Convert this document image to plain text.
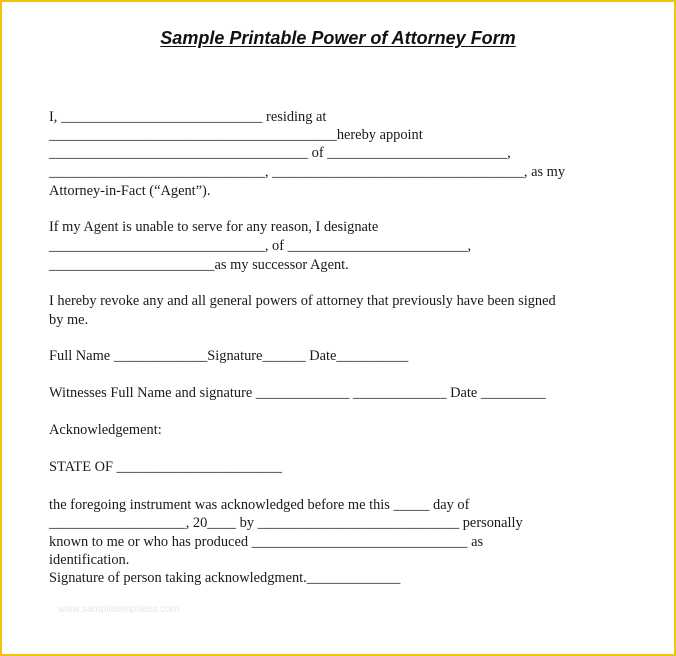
Sample Printable Power of Attorney Form
I, ____________________________ residing at
________________________________________hereby appoint
____________________________________ of _________________________,
______________________________, ___________________________________, as my
Attorney-in-Fact (“Agent”).
If my Agent is unable to serve for any reason, I designate
______________________________, of _________________________,
_______________________as my successor Agent.
I hereby revoke any and all general powers of attorney that previously have been signed
by me.
Full Name _____________Signature______ Date__________
Witnesses Full Name and signature _____________ _____________ Date _________
Acknowledgement:
STATE OF _______________________
the foregoing instrument was acknowledged before me this _____ day of
___________________, 20____ by ____________________________ personally
known to me or who has produced ______________________________ as
identification.
Signature of person taking acknowledgment._____________
www.sampletemplates.com
